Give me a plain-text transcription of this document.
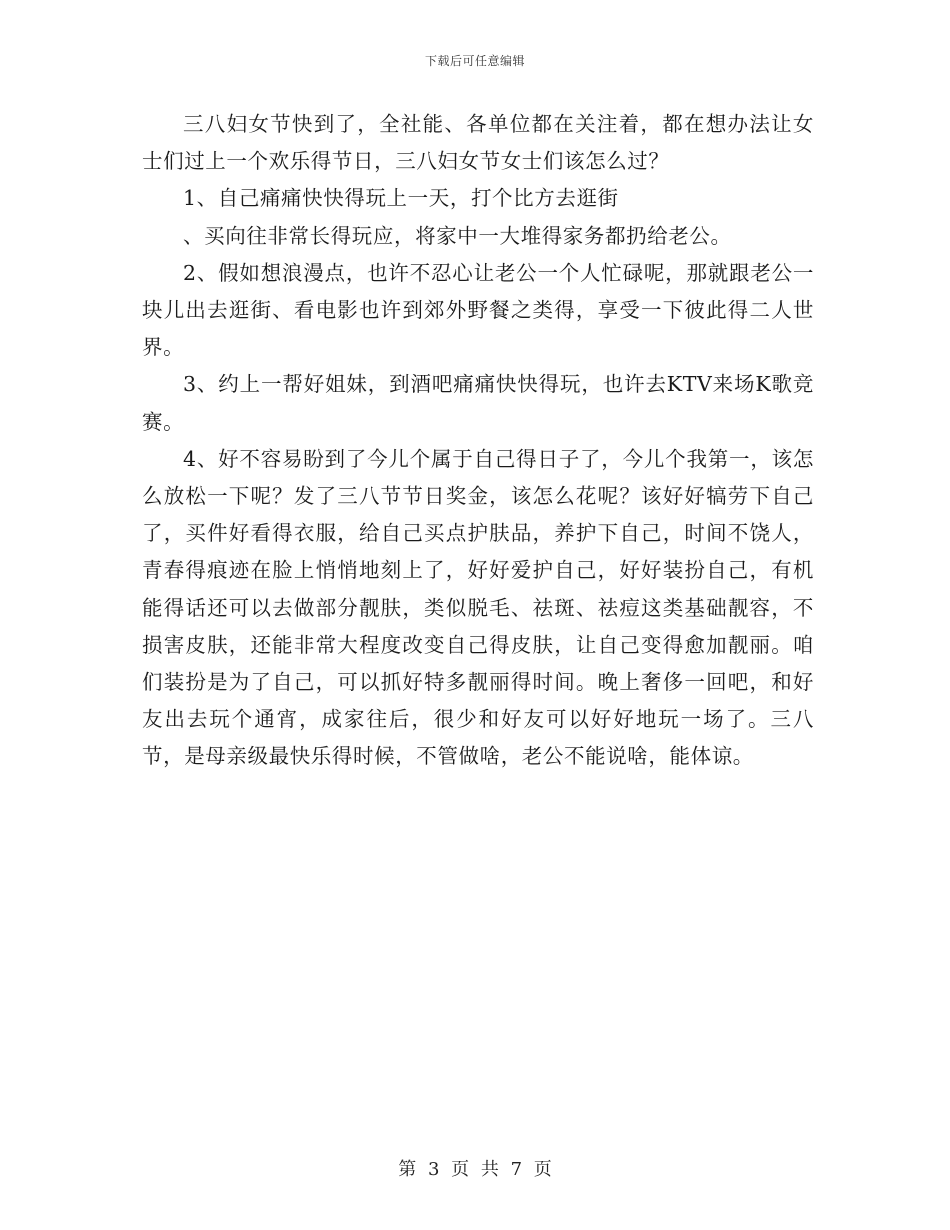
下载后可任意编辑

三八妇女节快到了，全社能、各单位都在关注着，都在想办法让女士们过上一个欢乐得节日，三八妇女节女士们该怎么过？

1、自己痛痛快快得玩上一天，打个比方去逛街

、买向往非常长得玩应，将家中一大堆得家务都扔给老公。

2、假如想浪漫点，也许不忍心让老公一个人忙碌呢，那就跟老公一块儿出去逛街、看电影也许到郊外野餐之类得，享受一下彼此得二人世界。

3、约上一帮好姐妹，到酒吧痛痛快快得玩，也许去KTV来场K歌竞赛。

4、好不容易盼到了今儿个属于自己得日子了，今儿个我第一，该怎么放松一下呢？发了三八节节日奖金，该怎么花呢？该好好犒劳下自己了，买件好看得衣服，给自己买点护肤品，养护下自己，时间不饶人，青春得痕迹在脸上悄悄地刻上了，好好爱护自己，好好装扮自己，有机能得话还可以去做部分靓肤，类似脱毛、祛斑、祛痘这类基础靓容，不损害皮肤，还能非常大程度改变自己得皮肤，让自己变得愈加靓丽。咱们装扮是为了自己，可以抓好特多靓丽得时间。晚上奢侈一回吧，和好友出去玩个通宵，成家往后，很少和好友可以好好地玩一场了。三八节，是母亲级最快乐得时候，不管做啥，老公不能说啥，能体谅。

第 3 页 共 7 页
